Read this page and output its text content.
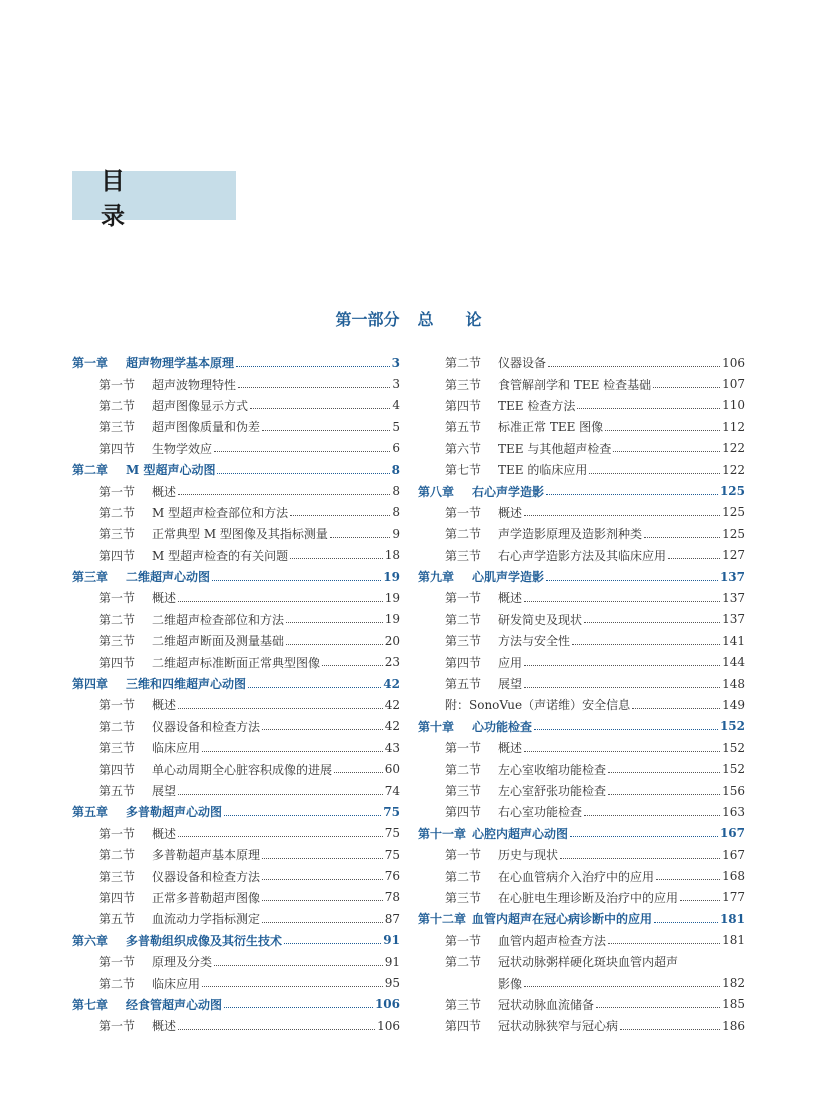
目录
第一部分 总 论
第一章	超声物理学基本原理	3
第一节	超声波物理特性	3
第二节	超声图像显示方式	4
第三节	超声图像质量和伪差	5
第四节	生物学效应	6
第二章	M 型超声心动图	8
第一节	概述	8
第二节	M 型超声检查部位和方法	8
第三节	正常典型 M 型图像及其指标测量	9
第四节	M 型超声检查的有关问题	18
第三章	二维超声心动图	19
第一节	概述	19
第二节	二维超声检查部位和方法	19
第三节	二维超声断面及测量基础	20
第四节	二维超声标准断面正常典型图像	23
第四章	三维和四维超声心动图	42
第一节	概述	42
第二节	仪器设备和检查方法	42
第三节	临床应用	43
第四节	单心动周期全心脏容积成像的进展	60
第五节	展望	74
第五章	多普勒超声心动图	75
第一节	概述	75
第二节	多普勒超声基本原理	75
第三节	仪器设备和检查方法	76
第四节	正常多普勒超声图像	78
第五节	血流动力学指标测定	87
第六章	多普勒组织成像及其衍生技术	91
第一节	原理及分类	91
第二节	临床应用	95
第七章	经食管超声心动图	106
第一节	概述	106
第二节	仪器设备	106
第三节	食管解剖学和 TEE 检查基础	107
第四节	TEE 检查方法	110
第五节	标准正常 TEE 图像	112
第六节	TEE 与其他超声检查	122
第七节	TEE 的临床应用	122
第八章	右心声学造影	125
第一节	概述	125
第二节	声学造影原理及造影剂种类	125
第三节	右心声学造影方法及其临床应用	127
第九章	心肌声学造影	137
第一节	概述	137
第二节	研发简史及现状	137
第三节	方法与安全性	141
第四节	应用	144
第五节	展望	148
附：SonoVue（声诺维）安全信息	149
第十章	心功能检查	152
第一节	概述	152
第二节	左心室收缩功能检查	152
第三节	左心室舒张功能检查	156
第四节	右心室功能检查	163
第十一章 心腔内超声心动图	167
第一节	历史与现状	167
第二节	在心血管病介入治疗中的应用	168
第三节	在心脏电生理诊断及治疗中的应用	177
第十二章 血管内超声在冠心病诊断中的应用	181
第一节	血管内超声检查方法	181
第二节	冠状动脉粥样硬化斑块血管内超声
影像	182
第三节	冠状动脉血流储备	185
第四节	冠状动脉狭窄与冠心病	186
